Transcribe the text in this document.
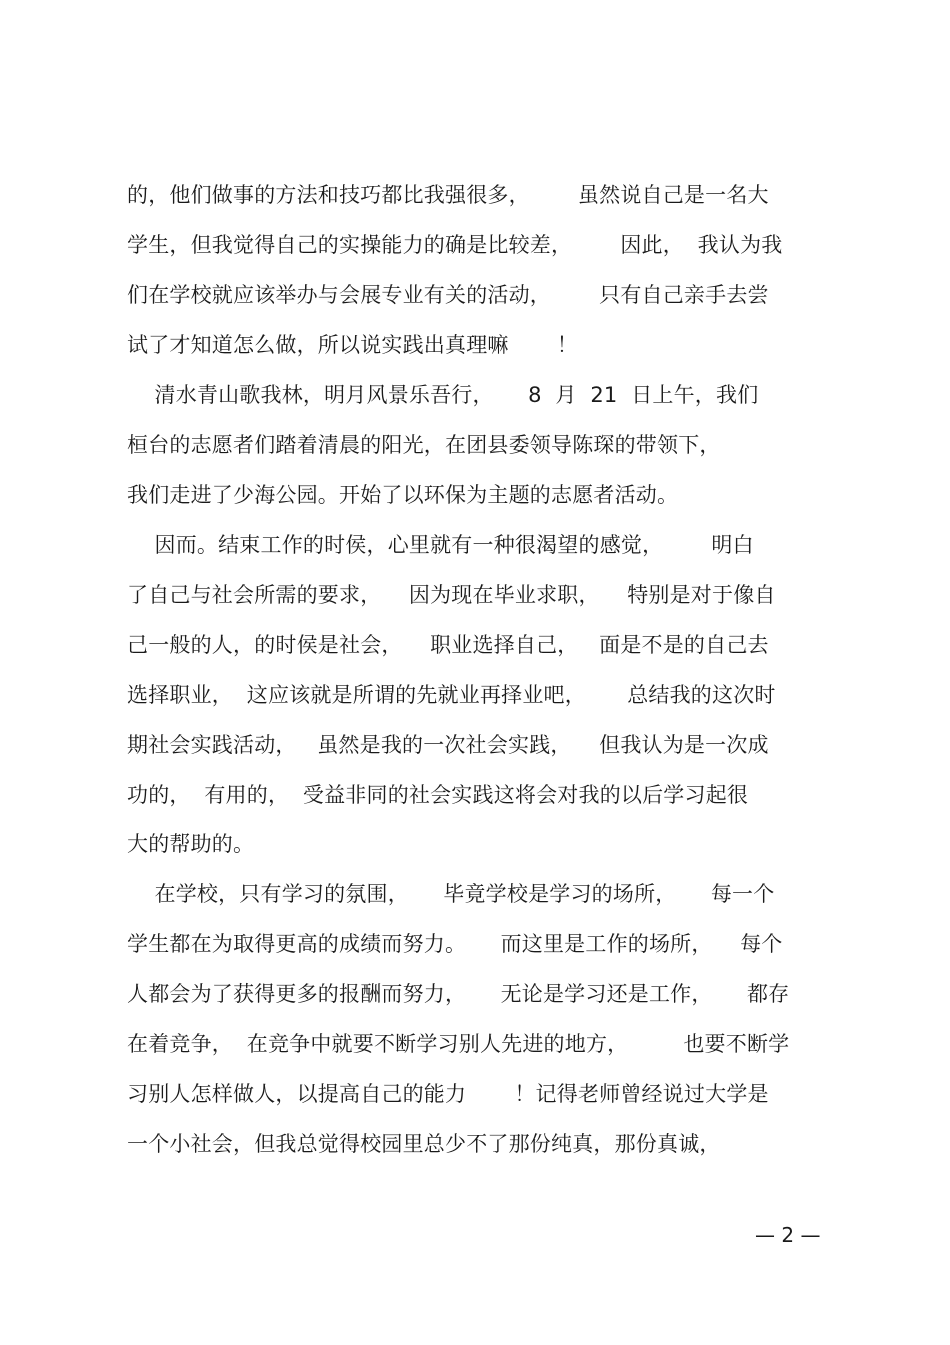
的，他们做事的方法和技巧都比我强很多，       虽然说自己是一名大
学生，但我觉得自己的实操能力的确是比较差，       因此，  我认为我
们在学校就应该举办与会展专业有关的活动，       只有自己亲手去尝
试了才知道怎么做，所以说实践出真理嘛       ！
清水青山歌我林，明月风景乐吾行，     8  月  21  日上午，我们
桓台的志愿者们踏着清晨的阳光，在团县委领导陈琛的带领下，
我们走进了少海公园。开始了以环保为主题的志愿者活动。
因而。结束工作的时侯，心里就有一种很渴望的感觉，       明白
了自己与社会所需的要求，    因为现在毕业求职，    特别是对于像自
己一般的人，的时侯是社会，    职业选择自己，   面是不是的自己去
选择职业，  这应该就是所谓的先就业再择业吧，      总结我的这次时
期社会实践活动，   虽然是我的一次社会实践，    但我认为是一次成
功的，  有用的，  受益非同的社会实践这将会对我的以后学习起很
大的帮助的。
在学校，只有学习的氛围，     毕竟学校是学习的场所，     每一个
学生都在为取得更高的成绩而努力。     而这里是工作的场所，    每个
人都会为了获得更多的报酬而努力，     无论是学习还是工作，     都存
在着竞争，  在竞争中就要不断学习别人先进的地方，        也要不断学
习别人怎样做人，以提高自己的能力       ！记得老师曾经说过大学是
一个小社会，但我总觉得校园里总少不了那份纯真，那份真诚，
— 2 —
